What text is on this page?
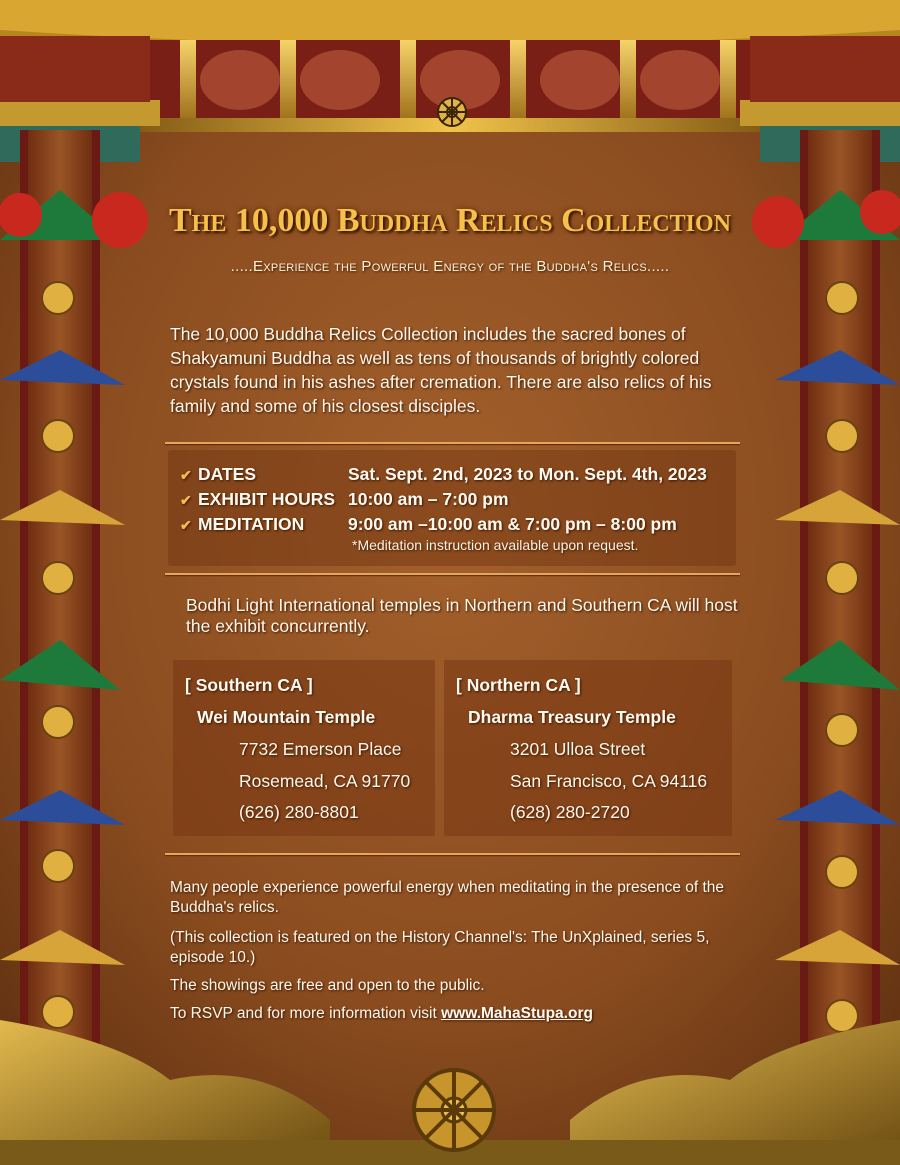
The 10,000 Buddha Relics Collection
.....Experience the Powerful Energy of the Buddha's Relics.....
The 10,000 Buddha Relics Collection includes the sacred bones of Shakyamuni Buddha as well as tens of thousands of brightly colored crystals found in his ashes after cremation. There are also relics of his family and some of his closest disciples.
✔ DATES	Sat. Sept. 2nd, 2023 to Mon. Sept. 4th, 2023
✔ EXHIBIT HOURS 10:00 am – 7:00 pm
✔ MEDITATION 9:00 am –10:00 am & 7:00 pm – 8:00 pm
*Meditation instruction available upon request.
Bodhi Light International temples in Northern and Southern CA will host the exhibit concurrently.
[ Southern CA ]
Wei Mountain Temple
7732 Emerson Place
Rosemead, CA 91770
(626) 280-8801
[ Northern CA ]
Dharma Treasury Temple
3201 Ulloa Street
San Francisco, CA 94116
(628) 280-2720
Many people experience powerful energy when meditating in the presence of the Buddha's relics.
(This collection is featured on the History Channel's: The UnXplained, series 5, episode 10.)
The showings are free and open to the public.
To RSVP and for more information visit www.MahaStupa.org
